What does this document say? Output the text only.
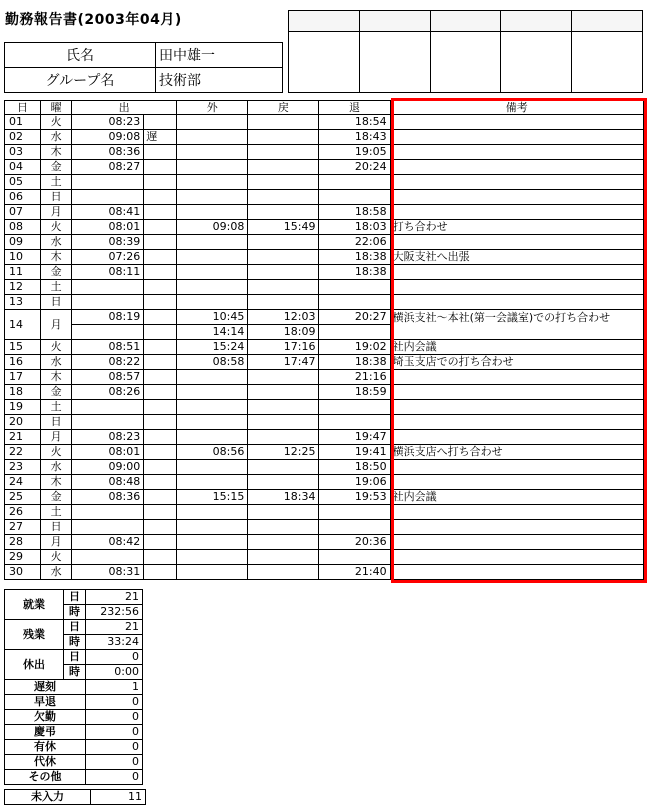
勤務報告書(2003年04月)

氏名	田中雄一
グループ名	技術部
日	曜	出		外	戻	退	備考
01	火	08:23				18:54	
02	水	09:08	遅			18:43	
03	木	08:36				19:05	
04	金	08:27				20:24	
05	土						
06	日						
07	月	08:41				18:58	
08	火	08:01		09:08	15:49	18:03	打ち合わせ
09	水	08:39				22:06	
10	木	07:26				18:38	大阪支社へ出張
11	金	08:11				18:38	
12	土						
13	日						
14	月	08:19		10:45	12:03	20:27	横浜支社～本社(第一会議室)での打ち合わせ
				14:14	18:09		
15	火	08:51		15:24	17:16	19:02	社内会議
16	水	08:22		08:58	17:47	18:38	埼玉支店での打ち合わせ
17	木	08:57				21:16	
18	金	08:26				18:59	
19	土						
20	日						
21	月	08:23				19:47	
22	火	08:01		08:56	12:25	19:41	横浜支店へ打ち合わせ
23	水	09:00				18:50	
24	木	08:48				19:06	
25	金	08:36		15:15	18:34	19:53	社内会議
26	土						
27	日						
28	月	08:42				20:36	
29	火						
30	水	08:31				21:40	
就業	日	21
	時	232:56
残業	日	21
	時	33:24
休出	日	0
	時	0:00
遅刻		1
早退		0
欠勤		0
慶弔		0
有休		0
代休		0
その他		0
未入力	11
